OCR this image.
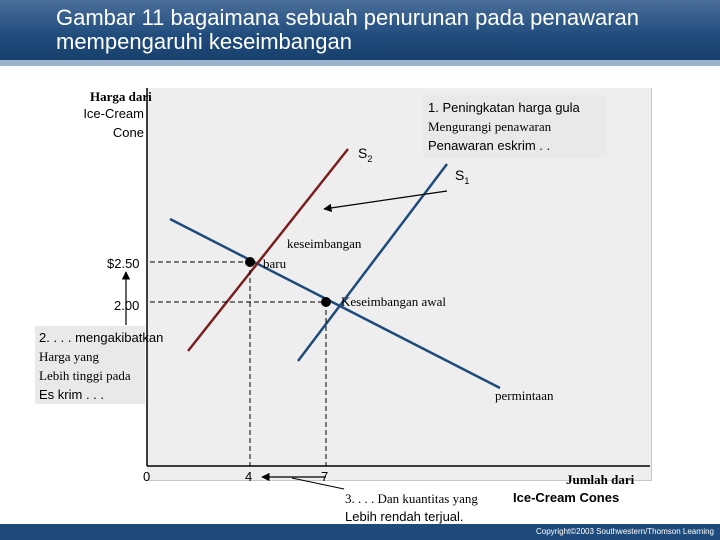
Gambar 11 bagaimana sebuah penurunan pada penawaran mempengaruhi keseimbangan
Harga dari
Ice-Cream
Cone
$S_2$
$S_1$
permintaan
keseimbangan
baru
Keseimbangan awal
$2.50
2.00
0	4	7
1. Peningkatan harga gula
Mengurangi penawaran
Penawaran eskrim . .
2. . . . mengakibatkan
Harga yang
Lebih tinggi pada
Es krim . . .
Jumlah dari
Ice-Cream Cones
3. . . . Dan kuantitas yang
Lebih rendah terjual.
Copyright©2003 Southwestern/Thomson Learning
